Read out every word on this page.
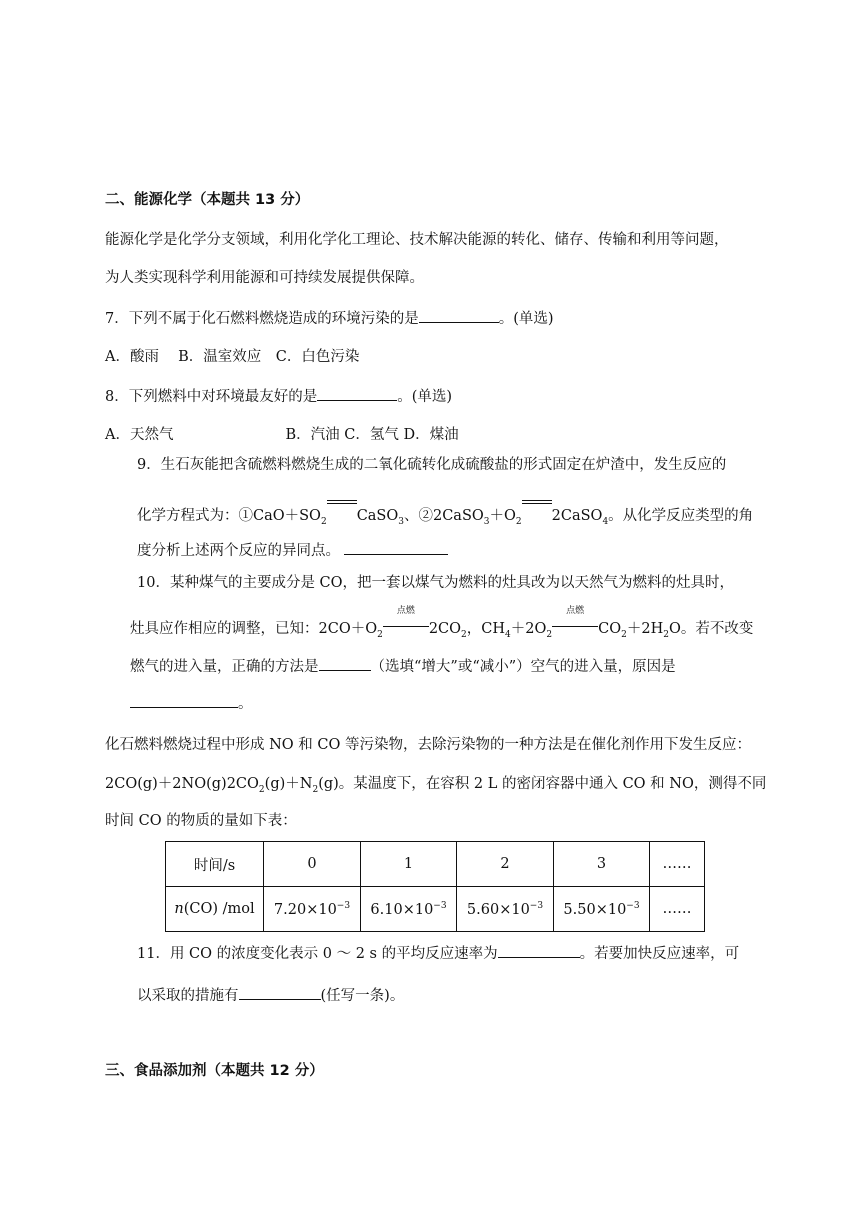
二、能源化学（本题共 13 分）
能源化学是化学分支领域，利用化学化工理论、技术解决能源的转化、储存、传输和利用等问题，
为人类实现科学利用能源和可持续发展提供保障。
7．下列不属于化石燃料燃烧造成的环境污染的是	。(单选)
A．酸雨　 B．温室效应　C．白色污染
8．下列燃料中对环境最友好的是	。(单选)
A．天然气	B．汽油 C．氢气 D．煤油
9．生石灰能把含硫燃料燃烧生成的二氧化硫转化成硫酸盐的形式固定在炉渣中，发生反应的
化学方程式为：$①CaO+SO_2$ CaSO$_3$、$②2CaSO_3+O_2$ 2CaSO$_4$。从化学反应类型的角
度分析上述两个反应的异同点。
10．某种煤气的主要成分是 CO，把一套以煤气为燃料的灶具改为以天然气为燃料的灶具时，
灶具应作相应的调整，已知：$2CO+O_2$
点燃
$2CO_2$，$CH_4+2O_2$
点燃
$CO_2+2H_2O$。若不改变
燃气的进入量，正确的方法是	（选填“增大”或“减小”）空气的进入量，原因是
。
化石燃料燃烧过程中形成 NO 和 CO 等污染物，去除污染物的一种方法是在催化剂作用下发生反应：
$2CO(g)+2NO(g)2CO_2(g)+N_2(g)$。某温度下，在容积 2 L 的密闭容器中通入 CO 和 NO，测得不同
时间 CO 的物质的量如下表：
时间/s	0	1	2	3	……
n(CO) /mol	$7.20\times 10^{-3}$	$6.10\times 10^{-3}$	$5.60\times 10^{-3}$	$5.50\times 10^{-3}$	……
11．用 CO 的浓度变化表示 0 ～ 2 s 的平均反应速率为	。若要加快反应速率，可
以采取的措施有	(任写一条)。
三、食品添加剂（本题共 12 分）
